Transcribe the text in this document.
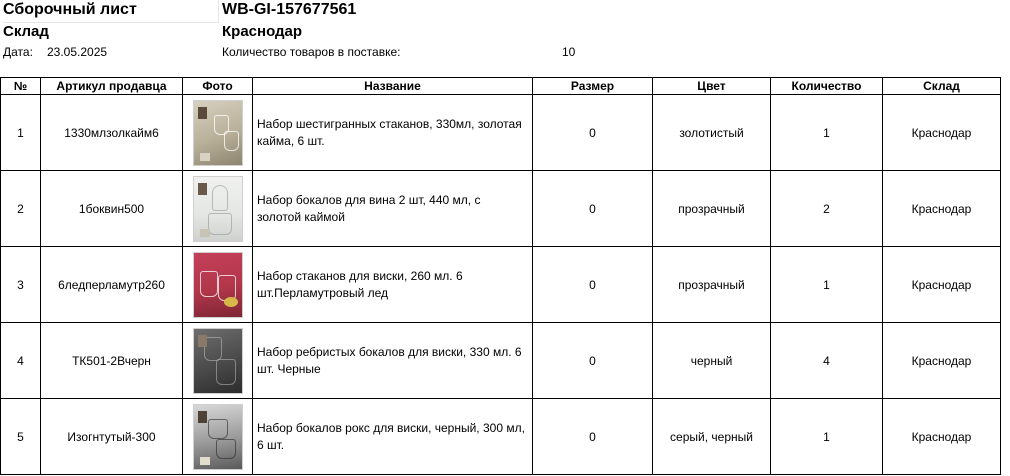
Сборочный лист	WB-GI-157677561
Склад	Краснодар
Дата: 23.05.2025	Количество товаров в поставке:	10
№	Артикул продавца	Фото	Название	Размер	Цвет	Количество	Склад
1	1330млзолкайм6		Набор шестигранных стаканов, 330мл, золотая кайма, 6 шт.	0	золотистый	1	Краснодар
2	1боквин500		Набор бокалов для вина 2 шт, 440 мл, с золотой каймой	0	прозрачный	2	Краснодар
3	6ледперламутр260		Набор стаканов для виски, 260 мл. 6 шт.Перламутровый лед	0	прозрачный	1	Краснодар
4	ТК501-2Вчерн		Набор ребристых бокалов для виски, 330 мл. 6 шт. Черные	0	черный	4	Краснодар
5	Изогнтутый-300		Набор бокалов рокс для виски, черный, 300 мл, 6 шт.	0	серый, черный	1	Краснодар
